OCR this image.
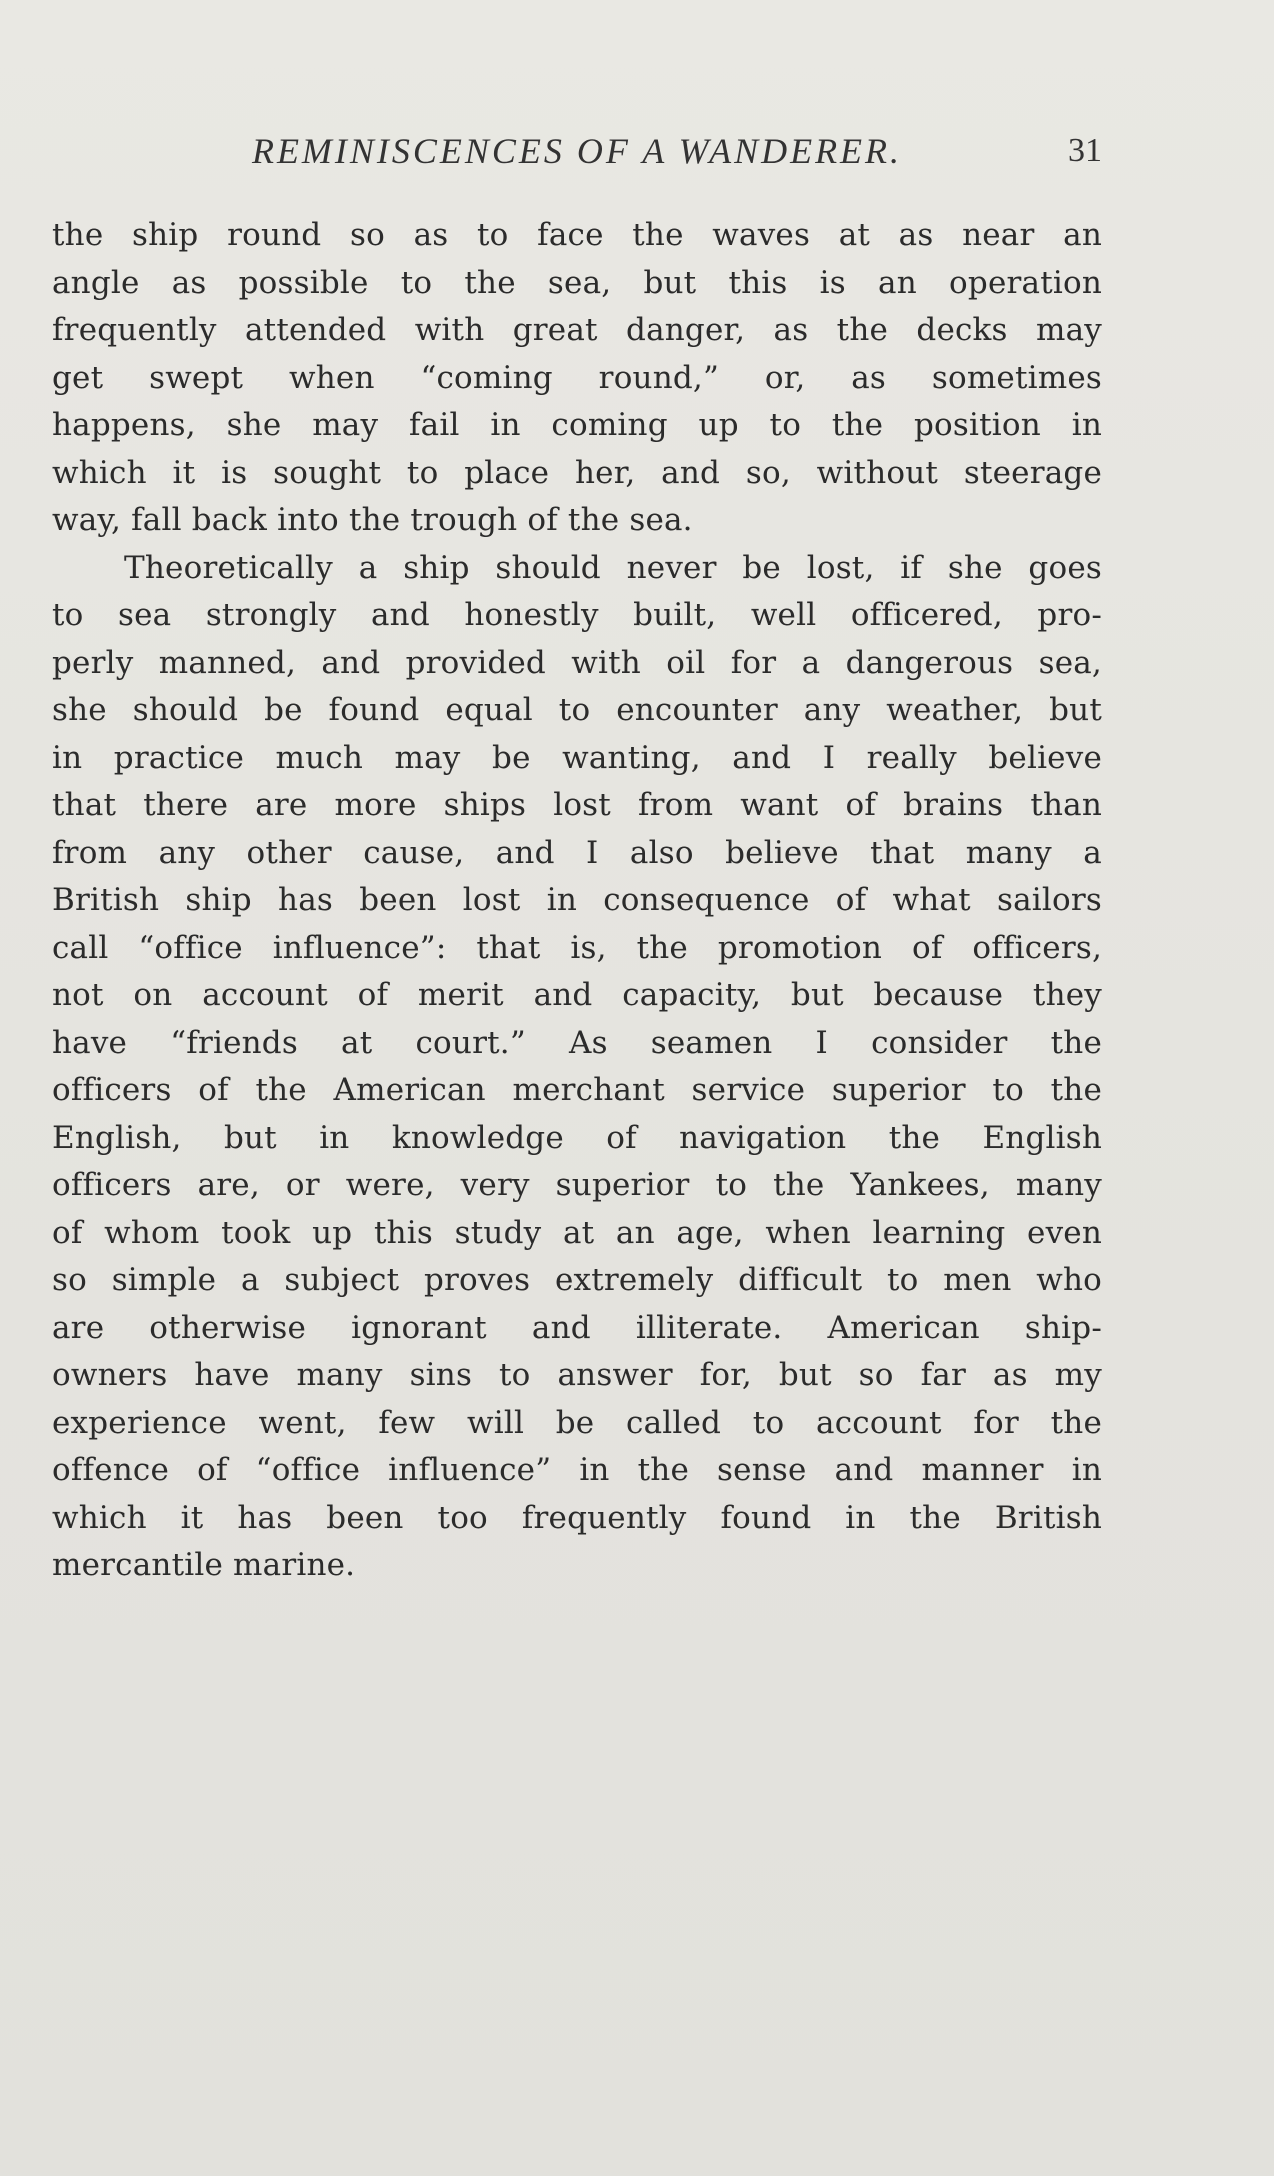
REMINISCENCES OF A WANDERER.	31
the ship round so as to face the waves at as near an
angle as possible to the sea, but this is an operation
frequently attended with great danger, as the decks may
get swept when “coming round,” or, as sometimes
happens, she may fail in coming up to the position in
which it is sought to place her, and so, without steerage
way, fall back into the trough of the sea.
Theoretically a ship should never be lost, if she goes
to sea strongly and honestly built, well officered, pro-
perly manned, and provided with oil for a dangerous sea,
she should be found equal to encounter any weather, but
in practice much may be wanting, and I really believe
that there are more ships lost from want of brains than
from any other cause, and I also believe that many a
British ship has been lost in consequence of what sailors
call “office influence”: that is, the promotion of officers,
not on account of merit and capacity, but because they
have “friends at court.” As seamen I consider the
officers of the American merchant service superior to the
English, but in knowledge of navigation the English
officers are, or were, very superior to the Yankees, many
of whom took up this study at an age, when learning even
so simple a subject proves extremely difficult to men who
are otherwise ignorant and illiterate. American ship-
owners have many sins to answer for, but so far as my
experience went, few will be called to account for the
offence of “office influence” in the sense and manner in
which it has been too frequently found in the British
mercantile marine.
